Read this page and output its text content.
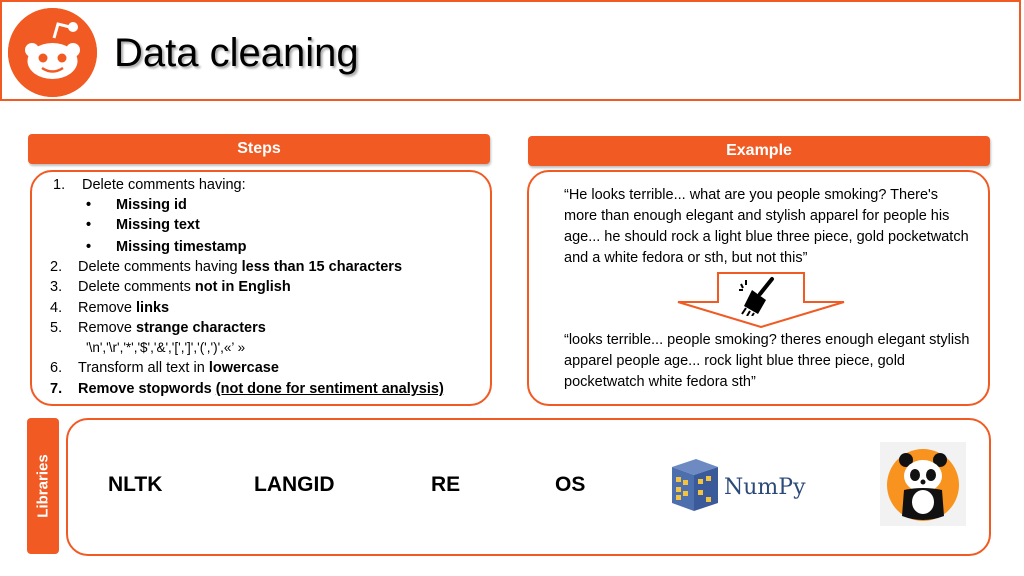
Data cleaning
Steps
1. Delete comments having:
• Missing id
• Missing text
• Missing timestamp
2. Delete comments having less than 15 characters
3. Delete comments not in English
4. Remove links
5. Remove strange characters
'\n','\r','*','$','&','[',']','(',')',«’ »
6. Transform all text in lowercase
7. Remove stopwords (not done for sentiment analysis)
Example
“He looks terrible... what are you people smoking? There's more than enough elegant and stylish apparel for people his age... he should rock a light blue three piece, gold pocketwatch and a white fedora or sth, but not this”
“looks terrible... people smoking? theres enough elegant stylish apparel people age... rock light blue three piece, gold pocketwatch white fedora sth”
Libraries	NLTK	LANGID	RE	OS	NumPy
